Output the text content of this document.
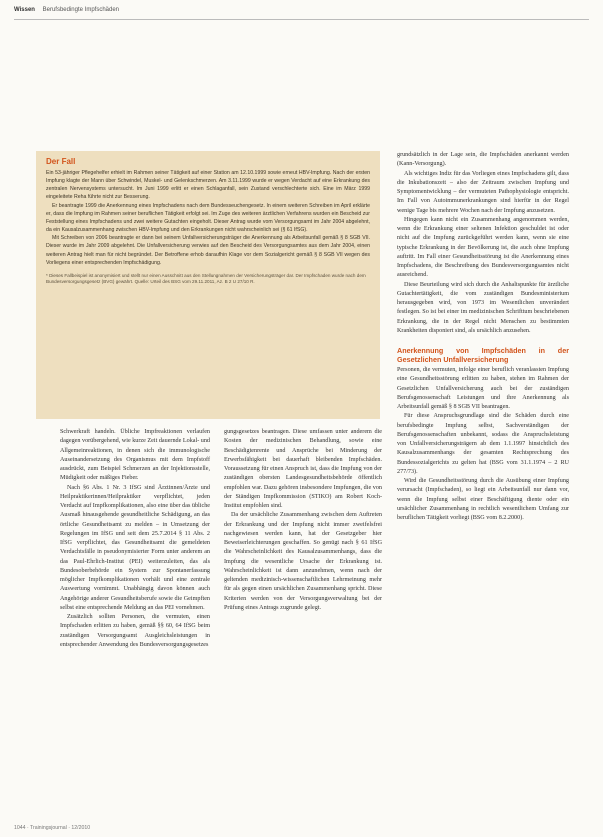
Wissen Berufsbedingte Impfschäden
Der Fall

Ein 53-jähriger Pflegehelfer erhielt im Rahmen seiner Tätigkeit auf einer Station am 12.10.1999 sowie erneut HBV-Impfung. Nach der ersten Impfung klagte der Mann über Schwindel, Muskel- und Gelenkschmerzen. Am 3.11.1999 wurde er wegen Verdacht auf eine Erkrankung des zentralen Nervensystems untersucht. Im Juni 1999 erlitt er einen Schlaganfall, sein Zustand verschlechterte sich. Eine im März 1999 eingeleitete Reha führte nicht zur Besserung.

Er beantragte 1999 die Anerkennung eines Impfschadens nach dem Bundesseuchengesetz. In einem weiteren Schreiben im April erklärte er, dass die Impfung im Rahmen seiner beruflichen Tätigkeit erfolgt sei. Im Zuge des weiteren ärztlichen Verfahrens wurden ein Bescheid zur Feststellung eines Impfschadens und zwei weitere Gutachten eingeholt. Dieser Antrag wurde vom Versorgungsamt im Jahr 2004 abgelehnt, da ein Kausalzusammenhang zwischen HBV-Impfung und den Erkrankungen nicht wahrscheinlich sei (§ 61 IfSG).

Mit Schreiben von 2006 beantragte er dann bei seinem Unfallversicherungsträger die Anerkennung als Arbeitsunfall gemäß § 8 SGB VII. Dieser wurde im Jahr 2009 abgelehnt. Die Unfallversicherung verwies auf den Bescheid des Versorgungsamtes aus dem Jahr 2004, einen weiteren Antrag hielt man für nicht begründet. Der Betroffene erhob daraufhin Klage vor dem Sozialgericht gemäß § 8 SGB VII wegen des Vorliegens einer entsprechenden Impfschädigung.

* Dieses Fallbeispiel ist anonymisiert und stellt nur einen Ausschnitt aus den Stellungnahmen der Versicherungsträger dar. Der Impfschaden wurde nach dem Bundesversorgungsgesetz (BVG) gewährt. Quelle: Urteil des BSG vom 29.11.2011, Az. B 2 U 27/10 R.

Schwerkraft handeln. Übliche Impfreaktionen verlaufen dagegen vorübergehend, wie kurze Zeit dauernde Lokal- und Allgemeinreaktionen, in denen sich die immunologische Auseinandersetzung des Organismus mit dem Impfstoff ausdrückt, zum Beispiel Schmerzen an der Injektionsstelle, Müdigkeit oder mäßiges Fieber.

Nach §6 Abs. 1 Nr. 3 IfSG sind Ärztinnen/Ärzte und Heilpraktikerinnen/Heilpraktiker verpflichtet, jeden Verdacht auf Impfkomplikationen, also eine über das übliche Ausmaß hinausgehende gesundheitliche Schädigung, an das örtliche Gesundheitsamt zu melden – in Umsetzung der Regelungen im IfSG und seit dem 25.7.2014 § 11 Abs. 2 IfSG verpflichtet, das Gesundheitsamt die gemeldeten Verdachtsfälle in pseudonymisierter Form unter anderem an das Paul-Ehrlich-Institut (PEI) weiterzuleiten, das als Bundesoberbehörde ein System zur Spontanerfassung möglicher Impfkomplikationen vorhält und eine zentrale Auswertung vornimmt. Unabhängig davon können auch Angehörige anderer Gesundheitsberufe sowie die Geimpften selbst eine entsprechende Meldung an das PEI vornehmen.

Zusätzlich sollten Personen, die vermuten, einen Impfschaden erlitten zu haben, gemäß §§ 60, 64 IfSG beim zuständigen Versorgungsamt Ausgleichsleistungen in entsprechender Anwendung des Bundesversorgungsgesetzes

gungsgesetzes beantragen. Diese umfassen unter anderem die Kosten der medizinischen Behandlung, sowie eine Beschädigtenrente und Ansprüche bei Minderung der Erwerbsfähigkeit bei dauerhaft bleibenden Impfschäden. Voraussetzung für einen Anspruch ist, dass die Impfung von der zuständigen obersten Landesgesundheitsbehörde öffentlich empfohlen war. Dazu gehören insbesondere Impfungen, die von der Ständigen Impfkommission (STIKO) am Robert Koch-Institut empfohlen sind.

Da der ursächliche Zusammenhang zwischen dem Auftreten der Erkrankung und der Impfung nicht immer zweifelsfrei nachgewiesen werden kann, hat der Gesetzgeber hier Beweiserleichterungen geschaffen. So genügt nach § 61 IfSG die Wahrscheinlichkeit des Kausalzusammenhangs, dass die Impfung die wesentliche Ursache der Erkrankung ist. Wahrscheinlichkeit ist dann anzunehmen, wenn nach der geltenden medizinisch-wissenschaftlichen Lehrmeinung mehr für als gegen einen ursächlichen Zusammenhang spricht. Diese Kriterien werden von der Versorgungsverwaltung bei der Prüfung eines Antrags zugrunde gelegt.

grundsätzlich in der Lage sein, die Impfschäden anerkannt werden (Kann-Versorgung).

Als wichtiges Indiz für das Vorliegen eines Impfschadens gilt, dass die Inkubationszeit – also der Zeitraum zwischen Impfung und Symptomentwicklung – der vermuteten Pathophysiologie entspricht. Im Fall von Autoimmunerkrankungen sind hierfür in der Regel wenige Tage bis mehrere Wochen nach der Impfung anzusetzen.

Hingegen kann nicht ein Zusammenhang angenommen werden, wenn die Erkrankung einer seltenen Infektion geschuldet ist oder nicht auf die Impfung zurückgeführt werden kann, wenn sie eine typische Erkrankung in der Bevölkerung ist, die auch ohne Impfung auftritt. Im Fall einer Gesundheitsstörung ist die Anerkennung eines Impfschadens, die Beschreibung des Bundesversorgungsamtes nicht ausreichend.

Diese Beurteilung wird sich durch die Anhaltspunkte für ärztliche Gutachtertätigkeit, die vom zuständigen Bundesministerium herausgegeben wird, von 1973 im Wesentlichen unverändert festlegen. So ist bei einer im medizinischen Schrifttum beschriebenen Erkrankung, die in der Regel nicht Menschen zu bestimmten Krankheiten disponiert sind, als ursächlich anzusehen.

Anerkennung von Impfschäden in der Gesetzlichen Unfallversicherung

Personen, die vermuten, infolge einer beruflich veranlassten Impfung eine Gesundheitsstörung erlitten zu haben, stehen im Rahmen der Gesetzlichen Unfallversicherung auch bei der zuständigen Berufsgenossenschaft Leistungen und ihre Anerkennung als Arbeitsunfall gemäß § 8 SGB VII beantragen.

Für diese Anspruchsgrundlage sind die Schäden durch eine berufsbedingte Impfung selbst, Sachverständigen der Berufsgenossenschaften unbekannt, sodass die Anspruchsleistung von Unfallversicherungsträgern ab dem 1.1.1997 hinsichtlich des Kausalzusammenhangs der gesamten Rechtsprechung des Bundessozialgerichts zu gelten hat (BSG vom 31.1.1974 – 2 RU 277/73).

Wird die Gesundheitsstörung durch die Ausübung einer Impfung verursacht (Impfschaden), so liegt ein Arbeitsunfall nur dann vor, wenn die Impfung selbst einer Beschäftigung diente oder ein ursächlicher Zusammenhang in rechtlich wesentlichem Umfang zur beruflichen Tätigkeit vorliegt (BSG vom 8.2.2000).

1044 · Trainingsjournal · 12/2010
